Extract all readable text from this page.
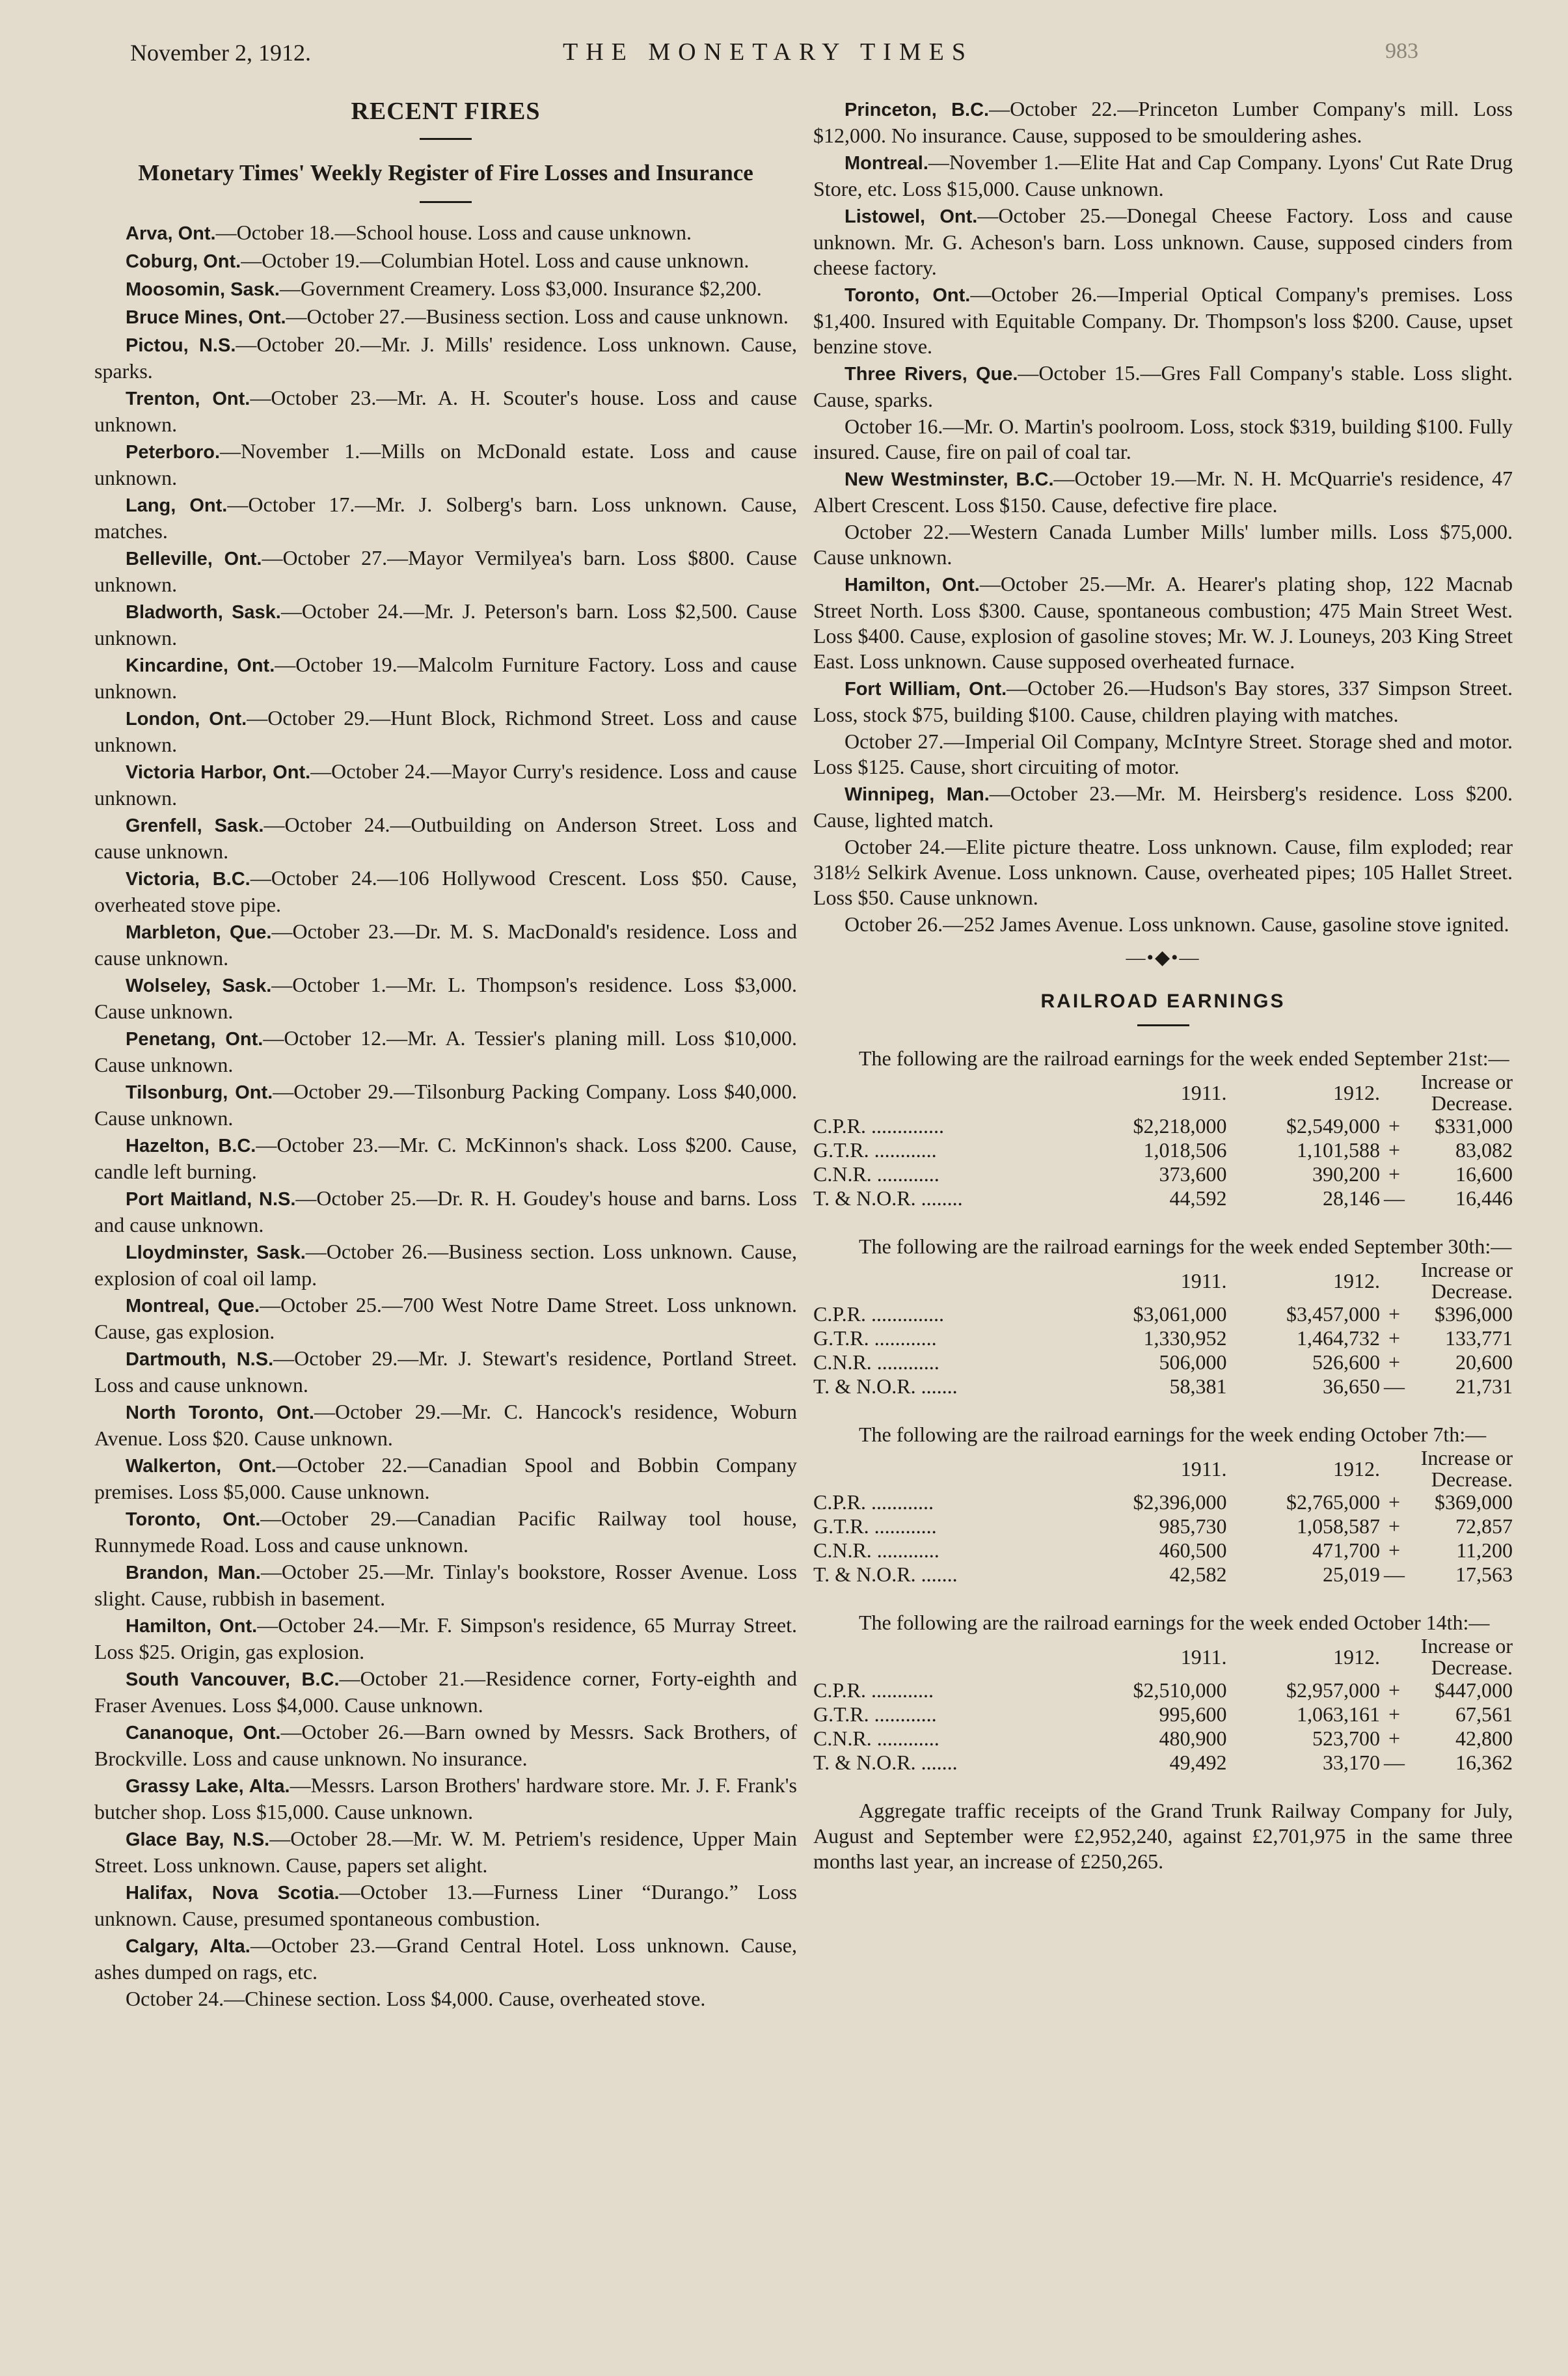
November 2, 1912.	THE MONETARY TIMES	983
RECENT FIRES
Monetary Times' Weekly Register of Fire Losses and Insurance

Arva, Ont.—October 18.—School house. Loss and cause unknown.

Coburg, Ont.—October 19.—Columbian Hotel. Loss and cause unknown.

Moosomin, Sask.—Government Creamery. Loss $3,000. Insurance $2,200.

Bruce Mines, Ont.—October 27.—Business section. Loss and cause unknown.

Pictou, N.S.—October 20.—Mr. J. Mills' residence. Loss unknown. Cause, sparks.

Trenton, Ont.—October 23.—Mr. A. H. Scouter's house. Loss and cause unknown.

Peterboro.—November 1.—Mills on McDonald estate. Loss and cause unknown.

Lang, Ont.—October 17.—Mr. J. Solberg's barn. Loss unknown. Cause, matches.

Belleville, Ont.—October 27.—Mayor Vermilyea's barn. Loss $800. Cause unknown.

Bladworth, Sask.—October 24.—Mr. J. Peterson's barn. Loss $2,500. Cause unknown.

Kincardine, Ont.—October 19.—Malcolm Furniture Factory. Loss and cause unknown.

London, Ont.—October 29.—Hunt Block, Richmond Street. Loss and cause unknown.

Victoria Harbor, Ont.—October 24.—Mayor Curry's residence. Loss and cause unknown.

Grenfell, Sask.—October 24.—Outbuilding on Anderson Street. Loss and cause unknown.

Victoria, B.C.—October 24.—106 Hollywood Crescent. Loss $50. Cause, overheated stove pipe.

Marbleton, Que.—October 23.—Dr. M. S. MacDonald's residence. Loss and cause unknown.

Wolseley, Sask.—October 1.—Mr. L. Thompson's residence. Loss $3,000. Cause unknown.

Penetang, Ont.—October 12.—Mr. A. Tessier's planing mill. Loss $10,000. Cause unknown.

Tilsonburg, Ont.—October 29.—Tilsonburg Packing Company. Loss $40,000. Cause unknown.

Hazelton, B.C.—October 23.—Mr. C. McKinnon's shack. Loss $200. Cause, candle left burning.

Port Maitland, N.S.—October 25.—Dr. R. H. Goudey's house and barns. Loss and cause unknown.

Lloydminster, Sask.—October 26.—Business section. Loss unknown. Cause, explosion of coal oil lamp.

Montreal, Que.—October 25.—700 West Notre Dame Street. Loss unknown. Cause, gas explosion.

Dartmouth, N.S.—October 29.—Mr. J. Stewart's residence, Portland Street. Loss and cause unknown.

North Toronto, Ont.—October 29.—Mr. C. Hancock's residence, Woburn Avenue. Loss $20. Cause unknown.

Walkerton, Ont.—October 22.—Canadian Spool and Bobbin Company premises. Loss $5,000. Cause unknown.

Toronto, Ont.—October 29.—Canadian Pacific Railway tool house, Runnymede Road. Loss and cause unknown.

Brandon, Man.—October 25.—Mr. Tinlay's bookstore, Rosser Avenue. Loss slight. Cause, rubbish in basement.

Hamilton, Ont.—October 24.—Mr. F. Simpson's residence, 65 Murray Street. Loss $25. Origin, gas explosion.

South Vancouver, B.C.—October 21.—Residence corner, Forty-eighth and Fraser Avenues. Loss $4,000. Cause unknown.

Cananoque, Ont.—October 26.—Barn owned by Messrs. Sack Brothers, of Brockville. Loss and cause unknown. No insurance.

Grassy Lake, Alta.—Messrs. Larson Brothers' hardware store. Mr. J. F. Frank's butcher shop. Loss $15,000. Cause unknown.

Glace Bay, N.S.—October 28.—Mr. W. M. Petriem's residence, Upper Main Street. Loss unknown. Cause, papers set alight.

Halifax, Nova Scotia.—October 13.—Furness Liner “Durango.” Loss unknown. Cause, presumed spontaneous combustion.

Calgary, Alta.—October 23.—Grand Central Hotel. Loss unknown. Cause, ashes dumped on rags, etc.

October 24.—Chinese section. Loss $4,000. Cause, overheated stove.

Princeton, B.C.—October 22.—Princeton Lumber Company's mill. Loss $12,000. No insurance. Cause, supposed to be smouldering ashes.

Montreal.—November 1.—Elite Hat and Cap Company. Lyons' Cut Rate Drug Store, etc. Loss $15,000. Cause unknown.

Listowel, Ont.—October 25.—Donegal Cheese Factory. Loss and cause unknown. Mr. G. Acheson's barn. Loss unknown. Cause, supposed cinders from cheese factory.

Toronto, Ont.—October 26.—Imperial Optical Company's premises. Loss $1,400. Insured with Equitable Company. Dr. Thompson's loss $200. Cause, upset benzine stove.

Three Rivers, Que.—October 15.—Gres Fall Company's stable. Loss slight. Cause, sparks.

October 16.—Mr. O. Martin's poolroom. Loss, stock $319, building $100. Fully insured. Cause, fire on pail of coal tar.

New Westminster, B.C.—October 19.—Mr. N. H. McQuarrie's residence, 47 Albert Crescent. Loss $150. Cause, defective fire place.

October 22.—Western Canada Lumber Mills' lumber mills. Loss $75,000. Cause unknown.

Hamilton, Ont.—October 25.—Mr. A. Hearer's plating shop, 122 Macnab Street North. Loss $300. Cause, spontaneous combustion; 475 Main Street West. Loss $400. Cause, explosion of gasoline stoves; Mr. W. J. Louneys, 203 King Street East. Loss unknown. Cause supposed overheated furnace.

Fort William, Ont.—October 26.—Hudson's Bay stores, 337 Simpson Street. Loss, stock $75, building $100. Cause, children playing with matches.

October 27.—Imperial Oil Company, McIntyre Street. Storage shed and motor. Loss $125. Cause, short circuiting of motor.

Winnipeg, Man.—October 23.—Mr. M. Heirsberg's residence. Loss $200. Cause, lighted match.

October 24.—Elite picture theatre. Loss unknown. Cause, film exploded; rear 318½ Selkirk Avenue. Loss unknown. Cause, overheated pipes; 105 Hallet Street. Loss $50. Cause unknown.

October 26.—252 James Avenue. Loss unknown. Cause, gasoline stove ignited.

—•◆•—
RAILROAD EARNINGS

The following are the railroad earnings for the week ended September 21st:—

	1911.	1912.	Increase or Decrease.	
C.P.R. ..............	$2,218,000	$2,549,000	+	$331,000
G.T.R. ............	1,018,506	1,101,588	+	83,082
C.N.R. ............	373,600	390,200	+	16,600
T. & N.O.R. ........	44,592	28,146	—	16,446

The following are the railroad earnings for the week ended September 30th:—

	1911.	1912.	Increase or Decrease.	
C.P.R. ..............	$3,061,000	$3,457,000	+	$396,000
G.T.R. ............	1,330,952	1,464,732	+	133,771
C.N.R. ............	506,000	526,600	+	20,600
T. & N.O.R. .......	58,381	36,650	—	21,731

The following are the railroad earnings for the week ending October 7th:—

	1911.	1912.	Increase or Decrease.	
C.P.R. ............	$2,396,000	$2,765,000	+	$369,000
G.T.R. ............	985,730	1,058,587	+	72,857
C.N.R. ............	460,500	471,700	+	11,200
T. & N.O.R. .......	42,582	25,019	—	17,563

The following are the railroad earnings for the week ended October 14th:—

	1911.	1912.	Increase or Decrease.	
C.P.R. ............	$2,510,000	$2,957,000	+	$447,000
G.T.R. ............	995,600	1,063,161	+	67,561
C.N.R. ............	480,900	523,700	+	42,800
T. & N.O.R. .......	49,492	33,170	—	16,362

Aggregate traffic receipts of the Grand Trunk Railway Company for July, August and September were £2,952,240, against £2,701,975 in the same three months last year, an increase of £250,265.
